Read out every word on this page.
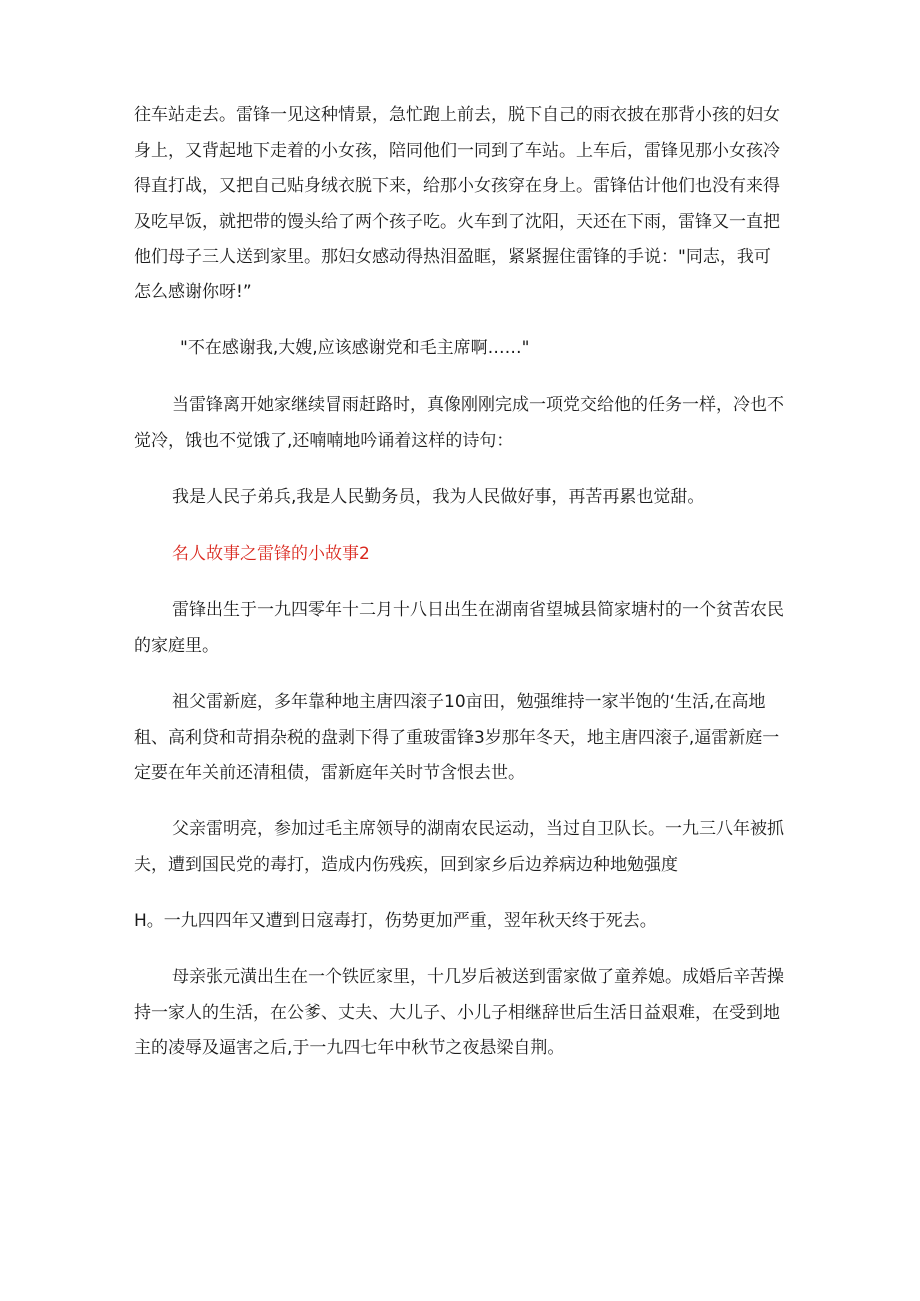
往车站走去。雷锋一见这种情景，急忙跑上前去，脱下自己的雨衣披在那背小孩的妇女

身上，又背起地下走着的小女孩，陪同他们一同到了车站。上车后，雷锋见那小女孩冷

得直打战，又把自己贴身绒衣脱下来，给那小女孩穿在身上。雷锋估计他们也没有来得

及吃早饭，就把带的馒头给了两个孩子吃。火车到了沈阳，天还在下雨，雷锋又一直把

他们母子三人送到家里。那妇女感动得热泪盈眶，紧紧握住雷锋的手说："同志，我可

怎么感谢你呀!”

"不在感谢我,大嫂,应该感谢党和毛主席啊……"

当雷锋离开她家继续冒雨赶路时，真像刚刚完成一项党交给他的任务一样，冷也不

觉冷，饿也不觉饿了,还喃喃地吟诵着这样的诗句：

我是人民子弟兵,我是人民勤务员，我为人民做好事，再苦再累也觉甜。

名人故事之雷锋的小故事2

雷锋出生于一九四零年十二月十八日出生在湖南省望城县简家塘村的一个贫苦农民

的家庭里。

祖父雷新庭，多年靠种地主唐四滚子10亩田，勉强维持一家半饱的‘生活,在高地

租、高利贷和苛捐杂税的盘剥下得了重玻雷锋3岁那年冬天，地主唐四滚子,逼雷新庭一

定要在年关前还清租债，雷新庭年关时节含恨去世。

父亲雷明亮，参加过毛主席领导的湖南农民运动，当过自卫队长。一九三八年被抓

夫，遭到国民党的毒打，造成内伤残疾，回到家乡后边养病边种地勉强度

H。一九四四年又遭到日寇毒打，伤势更加严重，翌年秋天终于死去。

母亲张元潢出生在一个铁匠家里，十几岁后被送到雷家做了童养媳。成婚后辛苦操

持一家人的生活，在公爹、丈夫、大儿子、小儿子相继辞世后生活日益艰难，在受到地

主的凌辱及逼害之后,于一九四七年中秋节之夜悬梁自荆。
